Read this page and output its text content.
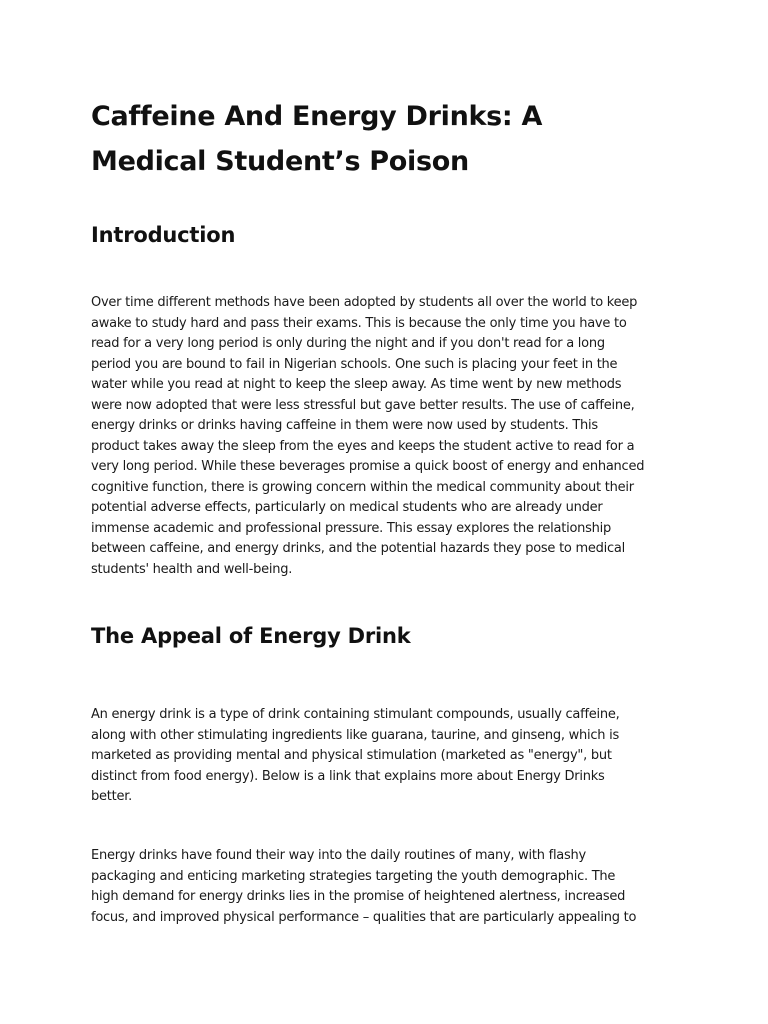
Caffeine And Energy Drinks: A
Medical Student’s Poison
Introduction
Over time different methods have been adopted by students all over the world to keep
awake to study hard and pass their exams. This is because the only time you have to
read for a very long period is only during the night and if you don't read for a long
period you are bound to fail in Nigerian schools. One such is placing your feet in the
water while you read at night to keep the sleep away. As time went by new methods
were now adopted that were less stressful but gave better results. The use of caffeine,
energy drinks or drinks having caffeine in them were now used by students. This
product takes away the sleep from the eyes and keeps the student active to read for a
very long period. While these beverages promise a quick boost of energy and enhanced
cognitive function, there is growing concern within the medical community about their
potential adverse effects, particularly on medical students who are already under
immense academic and professional pressure. This essay explores the relationship
between caffeine, and energy drinks, and the potential hazards they pose to medical
students' health and well-being.
The Appeal of Energy Drink
An energy drink is a type of drink containing stimulant compounds, usually caffeine,
along with other stimulating ingredients like guarana, taurine, and ginseng, which is
marketed as providing mental and physical stimulation (marketed as "energy", but
distinct from food energy). Below is a link that explains more about Energy Drinks
better.
Energy drinks have found their way into the daily routines of many, with flashy
packaging and enticing marketing strategies targeting the youth demographic. The
high demand for energy drinks lies in the promise of heightened alertness, increased
focus, and improved physical performance – qualities that are particularly appealing to
